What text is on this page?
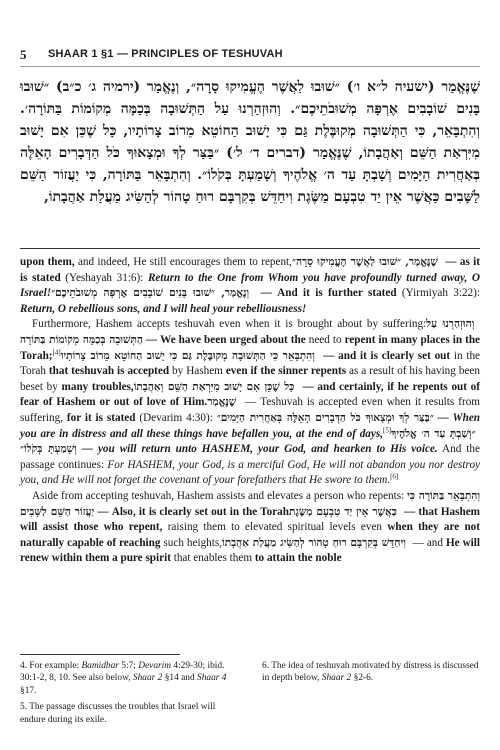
5 SHAAR 1 §1 — PRINCIPLES OF TESHUVAH

שֶׁנֶּאֱמַר (ישעיה ל״א ו׳) ״שׁוּבוּ לַאֲשֶׁר הֶעֱמִיקוּ סָרָה״, וְנֶאֱמַר (ירמיה ג׳ כ״ב) ״שׁוּבוּ בָּנִים שׁוֹבָבִים אֶרְפָּה מְשׁוּבֹתֵיכֶם״. וְהוּזְהַרְנוּ עַל הַתְּשׁוּבָה בְּכַמָּה מְקוֹמוֹת בַּתּוֹרָה׳. וְהִתְבָּאֵר, כִּי הַתְּשׁוּבָה מְקוּבֶּלֶת גַּם כִּי יָשׁוּב הַחוֹטֵא מֵרוֹב צָרוֹתָיו, כָּל שֶׁכֵּן אִם יָשׁוּב מִיִּרְאַת הַשֵּׁם וְאַהֲבָתוֹ, שֶׁנֶּאֱמַר (דברים ד׳ ל׳) ״בַּצַּר לְךָ וּמְצָאוּךָ כֹּל הַדְּבָרִים הָאֵלֶּה בְּאַחֲרִית הַיָּמִים וְשַׁבְתָּ עַד ה׳ אֱלֹהֶיךָ וְשָׁמַעְתָּ בְּקֹלוֹ״. וְהִתְבָּאֵר בַּתּוֹרָה, כִּי יַעֲזוֹר הַשֵּׁם לַשָּׁבִים כַּאֲשֶׁר אֵין יַד טִבְעָם מַשֶּׂגֶת וִיחַדֵּשׁ בְּקִרְבָּם רוּחַ טָהוֹר לְהַשִּׂיג מַעֲלַת אַהֲבָתוֹ,

upon them, and indeed, He still encourages them to repent, שֶׁנֶּאֱמַר, ״שׁוּבוּ לַאֲשֶׁר הֶעֱמִיקוּ סָרָה״ — as it is stated (Yeshayah 31:6): Return to the One from Whom you have profoundly turned away, O Israel! וְנֶאֱמַר, ״שׁוּבוּ בָּנִים שׁוֹבָבִים אֶרְפָּה מְשׁוּבֹתֵיכֶם״ — And it is further stated (Yirmiyah 3:22): Return, O rebellious sons, and I will heal your rebelliousness!

Furthermore, Hashem accepts teshuvah even when it is brought about by suffering: וְהוּזְהַרְנוּ עַל הַתְּשׁוּבָה בְּכַמָּה מְקוֹמוֹת בַּתּוֹרָה — We have been urged about the need to repent in many places in the Torah;[4] וְהִתְבָּאֵר כִּי הַתְּשׁוּבָה מְקוּבֶּלֶת גַּם כִּי יָשׁוּב הַחוֹטֵא מֵרוֹב צָרוֹתָיו — and it is clearly set out in the Torah that teshuvah is accepted by Hashem even if the sinner repents as a result of his having been beset by many troubles, כָּל שֶׁכֵּן אִם יָשׁוּב מִיִּרְאַת הַשֵּׁם וְאַהֲבָתוֹ — and certainly, if he repents out of fear of Hashem or out of love of Him. שֶׁנֶּאֱמַר — Teshuvah is accepted even when it results from suffering, for it is stated (Devarim 4:30): ״בַּצַּר לְךָ וּמְצָאוּךָ כֹּל הַדְּבָרִים הָאֵלֶּה בְּאַחֲרִית הַיָּמִים״ — When you are in distress and all these things have befallen you, at the end of days,[5] ״וְשַׁבְתָּ עַד ה׳ אֱלֹהֶיךָ וְשָׁמַעְתָּ בְּקֹלוֹ״ — you will return unto HASHEM, your God, and hearken to His voice. And the passage continues: For HASHEM, your God, is a merciful God, He will not abandon you nor destroy you, and He will not forget the covenant of your forefathers that He swore to them.[6]

Aside from accepting teshuvah, Hashem assists and elevates a person who repents: וְהִתְבָּאֵר בַּתּוֹרָה כִּי יַעֲזוֹר הַשֵּׁם לַשָּׁבִים — Also, it is clearly set out in the Torah כַּאֲשֶׁר אֵין יַד טִבְעָם מַשֶּׂגֶת — that Hashem will assist those who repent, raising them to elevated spiritual levels even when they are not naturally capable of reaching such heights, וִיחַדֵּשׁ בְּקִרְבָּם רוּחַ טָהוֹר לְהַשִּׂיג מַעֲלַת אַהֲבָתוֹ — and He will renew within them a pure spirit that enables them to attain the noble

4. For example: Bamidbar 5:7; Devarim 4:29-30; ibid. 30:1-2, 8, 10. See also below, Shaar 2 §14 and Shaar 4 §17.
5. The passage discusses the troubles that Israel will endure during its exile.
6. The idea of teshuvah motivated by distress is discussed in depth below, Shaar 2 §2-6.
